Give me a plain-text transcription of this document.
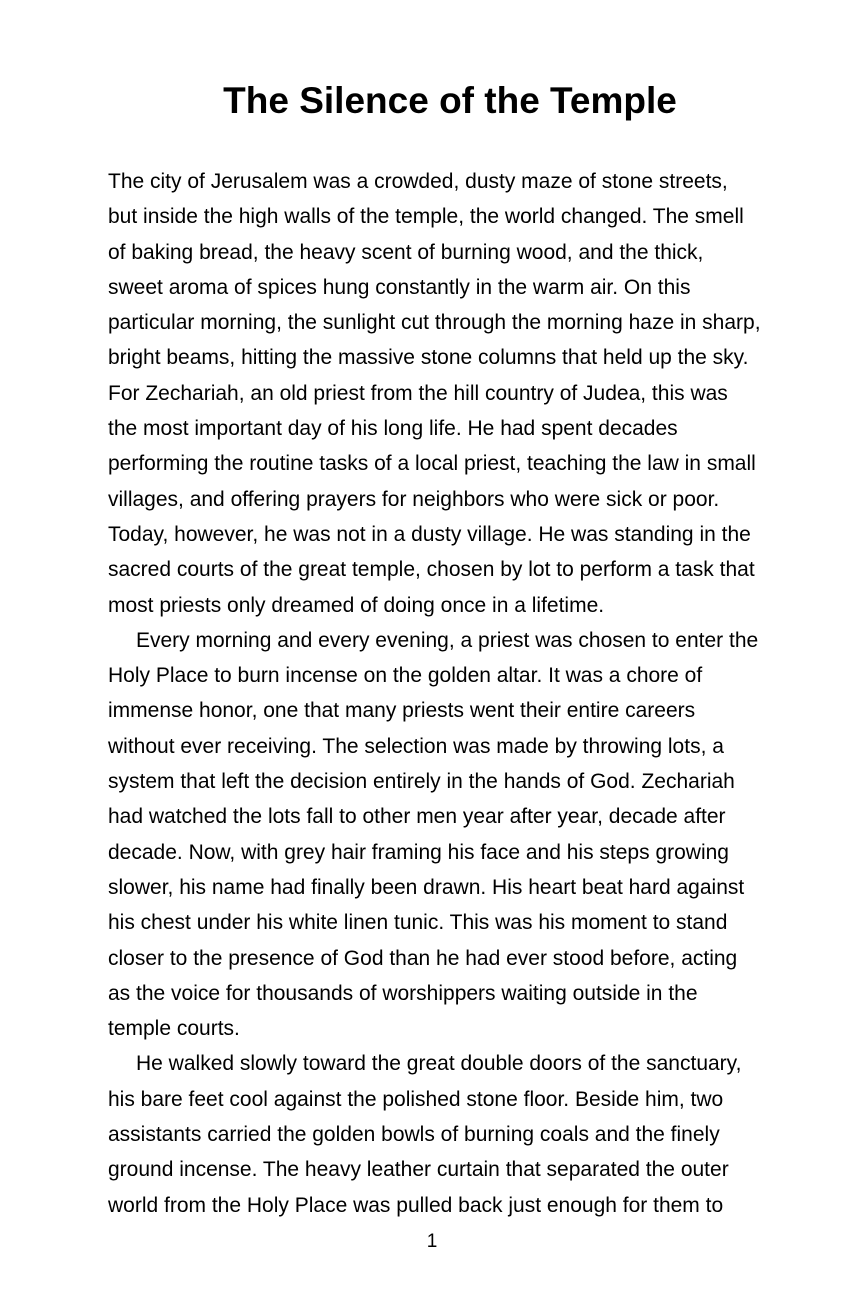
The Silence of the Temple
The city of Jerusalem was a crowded, dusty maze of stone streets,
but inside the high walls of the temple, the world changed. The smell
of baking bread, the heavy scent of burning wood, and the thick,
sweet aroma of spices hung constantly in the warm air. On this
particular morning, the sunlight cut through the morning haze in sharp,
bright beams, hitting the massive stone columns that held up the sky.
For Zechariah, an old priest from the hill country of Judea, this was
the most important day of his long life. He had spent decades
performing the routine tasks of a local priest, teaching the law in small
villages, and offering prayers for neighbors who were sick or poor.
Today, however, he was not in a dusty village. He was standing in the
sacred courts of the great temple, chosen by lot to perform a task that
most priests only dreamed of doing once in a lifetime.
Every morning and every evening, a priest was chosen to enter the
Holy Place to burn incense on the golden altar. It was a chore of
immense honor, one that many priests went their entire careers
without ever receiving. The selection was made by throwing lots, a
system that left the decision entirely in the hands of God. Zechariah
had watched the lots fall to other men year after year, decade after
decade. Now, with grey hair framing his face and his steps growing
slower, his name had finally been drawn. His heart beat hard against
his chest under his white linen tunic. This was his moment to stand
closer to the presence of God than he had ever stood before, acting
as the voice for thousands of worshippers waiting outside in the
temple courts.
He walked slowly toward the great double doors of the sanctuary,
his bare feet cool against the polished stone floor. Beside him, two
assistants carried the golden bowls of burning coals and the finely
ground incense. The heavy leather curtain that separated the outer
world from the Holy Place was pulled back just enough for them to
1
